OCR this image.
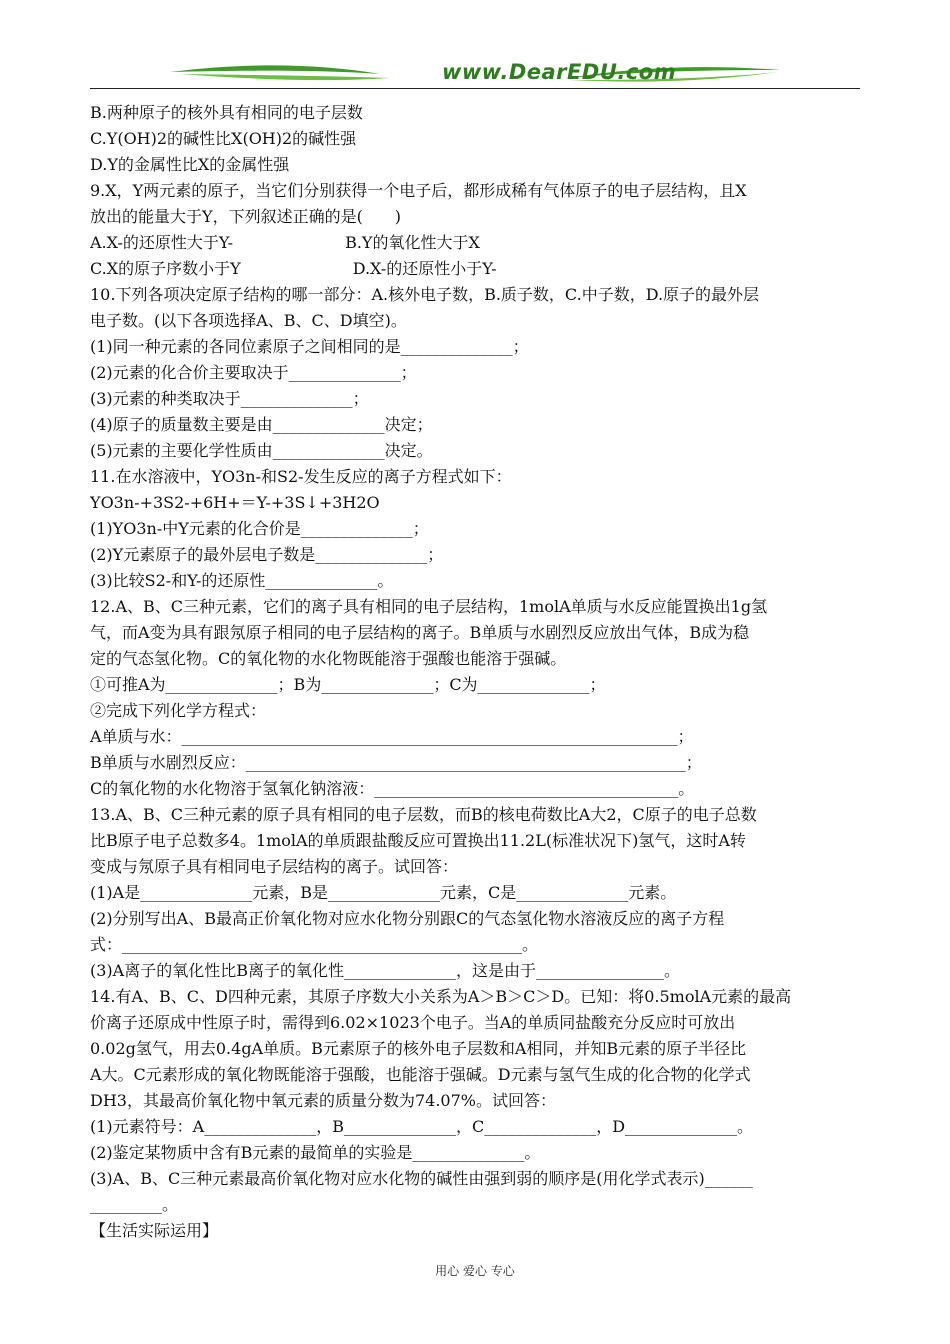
www.DearEDU.com
B.两种原子的核外具有相同的电子层数
C.Y(OH)2的碱性比X(OH)2的碱性强
D.Y的金属性比X的金属性强
9.X，Y两元素的原子，当它们分别获得一个电子后，都形成稀有气体原子的电子层结构，且X
放出的能量大于Y，下列叙述正确的是(　　)
A.X-的还原性大于Y-　　　　　　　B.Y的氧化性大于X
C.X的原子序数小于Y　　　　　　　D.X-的还原性小于Y-
10.下列各项决定原子结构的哪一部分：A.核外电子数，B.质子数，C.中子数，D.原子的最外层
电子数。(以下各项选择A、B、C、D填空)。
(1)同一种元素的各同位素原子之间相同的是______________；
(2)元素的化合价主要取决于______________；
(3)元素的种类取决于______________；
(4)原子的质量数主要是由______________决定；
(5)元素的主要化学性质由______________决定。
11.在水溶液中，YO3n-和S2-发生反应的离子方程式如下：
YO3n-+3S2-+6H+＝Y-+3S↓+3H2O
(1)YO3n-中Y元素的化合价是______________；
(2)Y元素原子的最外层电子数是______________；
(3)比较S2-和Y-的还原性______________。
12.A、B、C三种元素，它们的离子具有相同的电子层结构，1molA单质与水反应能置换出1g氢
气，而A变为具有跟氖原子相同的电子层结构的离子。B单质与水剧烈反应放出气体，B成为稳
定的气态氢化物。C的氧化物的水化物既能溶于强酸也能溶于强碱。
①可推A为______________；B为______________；C为______________；
②完成下列化学方程式：
A单质与水：______________________________________________________________；
B单质与水剧烈反应：_______________________________________________________；
C的氧化物的水化物溶于氢氧化钠溶液：______________________________________。
13.A、B、C三种元素的原子具有相同的电子层数，而B的核电荷数比A大2，C原子的电子总数
比B原子电子总数多4。1molA的单质跟盐酸反应可置换出11.2L(标准状况下)氢气，这时A转
变成与氖原子具有相同电子层结构的离子。试回答：
(1)A是______________元素，B是______________元素，C是______________元素。
(2)分别写出A、B最高正价氧化物对应水化物分别跟C的气态氢化物水溶液反应的离子方程
式：__________________________________________________。
(3)A离子的氧化性比B离子的氧化性______________，这是由于________________。
14.有A、B、C、D四种元素，其原子序数大小关系为A＞B＞C＞D。已知：将0.5molA元素的最高
价离子还原成中性原子时，需得到6.02×1023个电子。当A的单质同盐酸充分反应时可放出
0.02g氢气，用去0.4gA单质。B元素原子的核外电子层数和A相同，并知B元素的原子半径比
A大。C元素形成的氧化物既能溶于强酸，也能溶于强碱。D元素与氢气生成的化合物的化学式
DH3，其最高价氧化物中氧元素的质量分数为74.07%。试回答：
(1)元素符号：A______________，B______________，C______________，D______________。
(2)鉴定某物质中含有B元素的最简单的实验是______________。
(3)A、B、C三种元素最高价氧化物对应水化物的碱性由强到弱的顺序是(用化学式表示)______
_________。
【生活实际运用】
用心 爱心 专心
